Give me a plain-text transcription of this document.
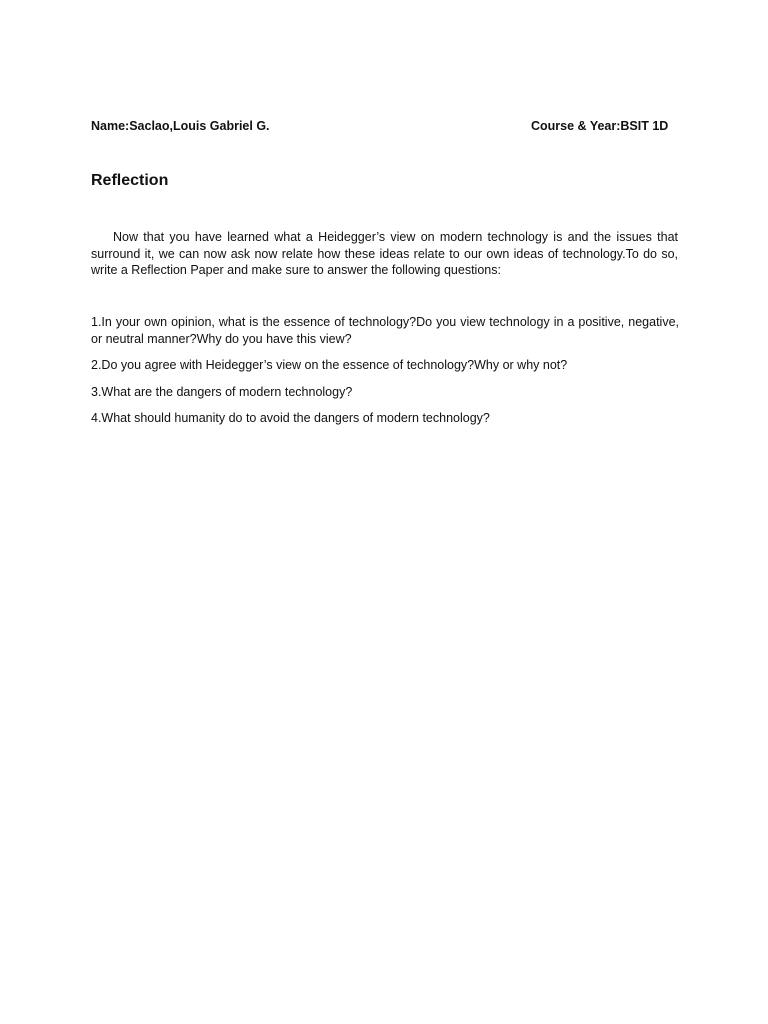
Name:Saclao,Louis Gabriel G.	Course & Year:BSIT 1D
Reflection

Now that you have learned what a Heidegger’s view on modern technology is and the issues that surround it, we can now ask now relate how these ideas relate to our own ideas of technology.To do so, write a Reflection Paper and make sure to answer the following questions:

1.In your own opinion, what is the essence of technology?Do you view technology in a positive, negative, or neutral manner?Why do you have this view?
2.Do you agree with Heidegger’s view on the essence of technology?Why or why not?
3.What are the dangers of modern technology?
4.What should humanity do to avoid the dangers of modern technology?
